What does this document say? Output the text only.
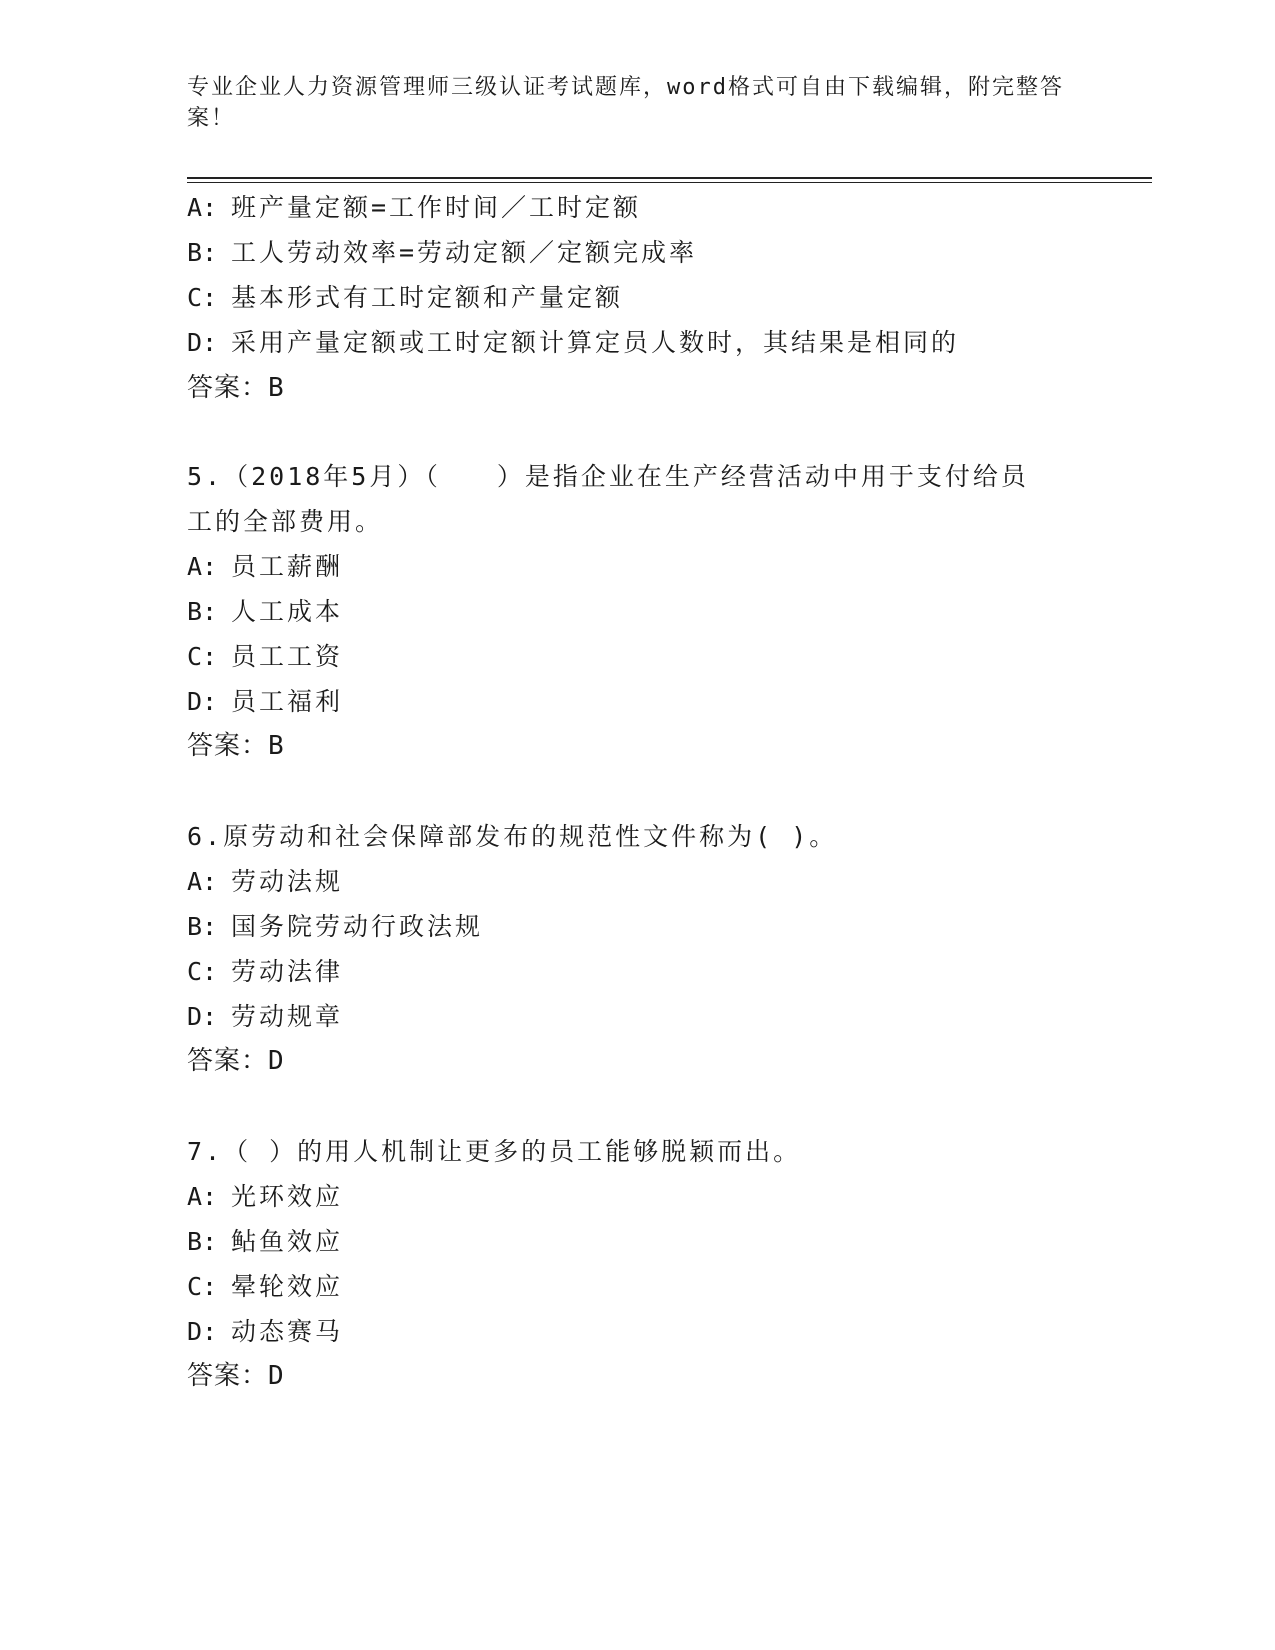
专业企业人力资源管理师三级认证考试题库，word格式可自由下载编辑，附完整答案！
A: 班产量定额=工作时间／工时定额
B: 工人劳动效率=劳动定额／定额完成率
C: 基本形式有工时定额和产量定额
D: 采用产量定额或工时定额计算定员人数时，其结果是相同的
答案：B
5.（2018年5月）（　　）是指企业在生产经营活动中用于支付给员
工的全部费用。
A: 员工薪酬
B: 人工成本
C: 员工工资
D: 员工福利
答案：B
6.原劳动和社会保障部发布的规范性文件称为( )。
A: 劳动法规
B: 国务院劳动行政法规
C: 劳动法律
D: 劳动规章
答案：D
7.（ ）的用人机制让更多的员工能够脱颖而出。
A: 光环效应
B: 鲇鱼效应
C: 晕轮效应
D: 动态赛马
答案：D
